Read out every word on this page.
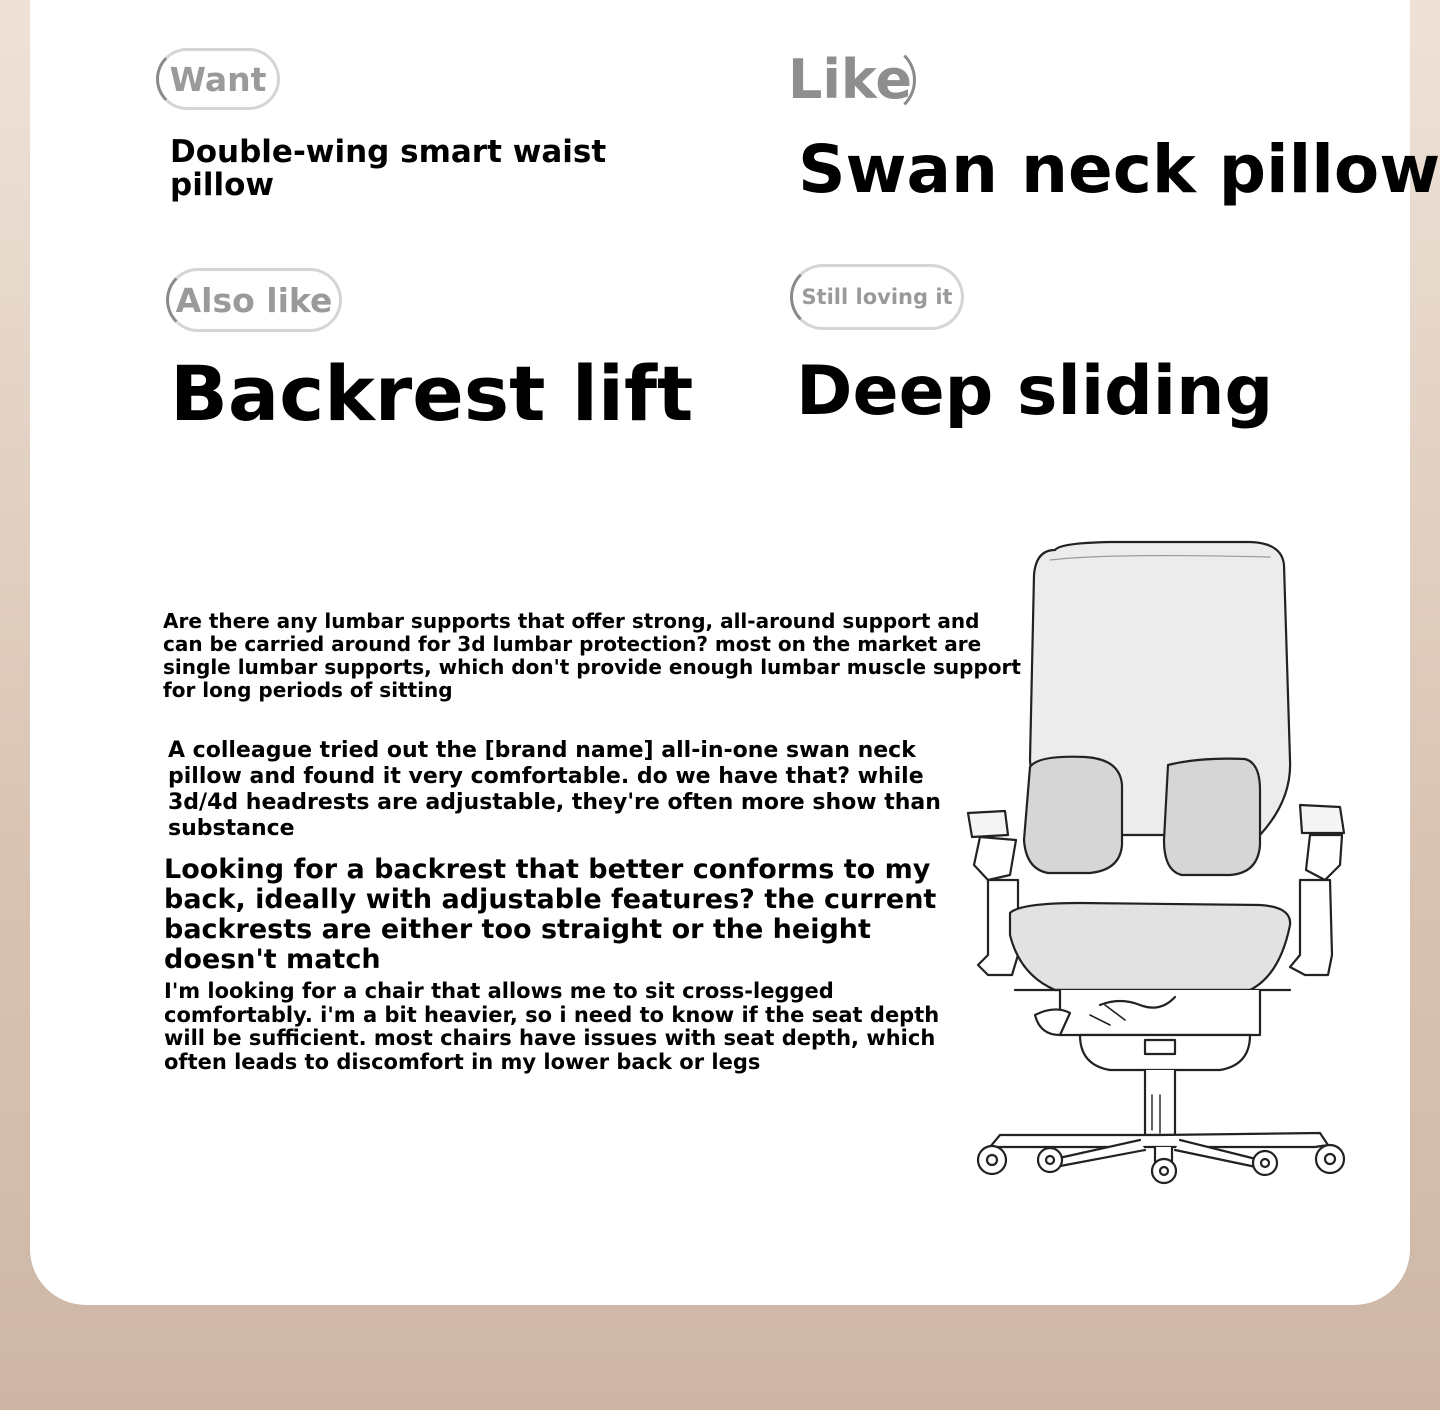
Want
Double-wing smart waist pillow
Like
Swan neck pillow
Also like
Backrest lift
Still loving it
Deep sliding
Are there any lumbar supports that offer strong, all-around support and can be carried around for 3d lumbar protection? most on the market are single lumbar supports, which don't provide enough lumbar muscle support for long periods of sitting
A colleague tried out the [brand name] all-in-one swan neck pillow and found it very comfortable. do we have that? while 3d/4d headrests are adjustable, they're often more show than substance
Looking for a backrest that better conforms to my back, ideally with adjustable features? the current backrests are either too straight or the height doesn't match
I'm looking for a chair that allows me to sit cross-legged comfortably. i'm a bit heavier, so i need to know if the seat depth will be sufficient. most chairs have issues with seat depth, which often leads to discomfort in my lower back or legs
